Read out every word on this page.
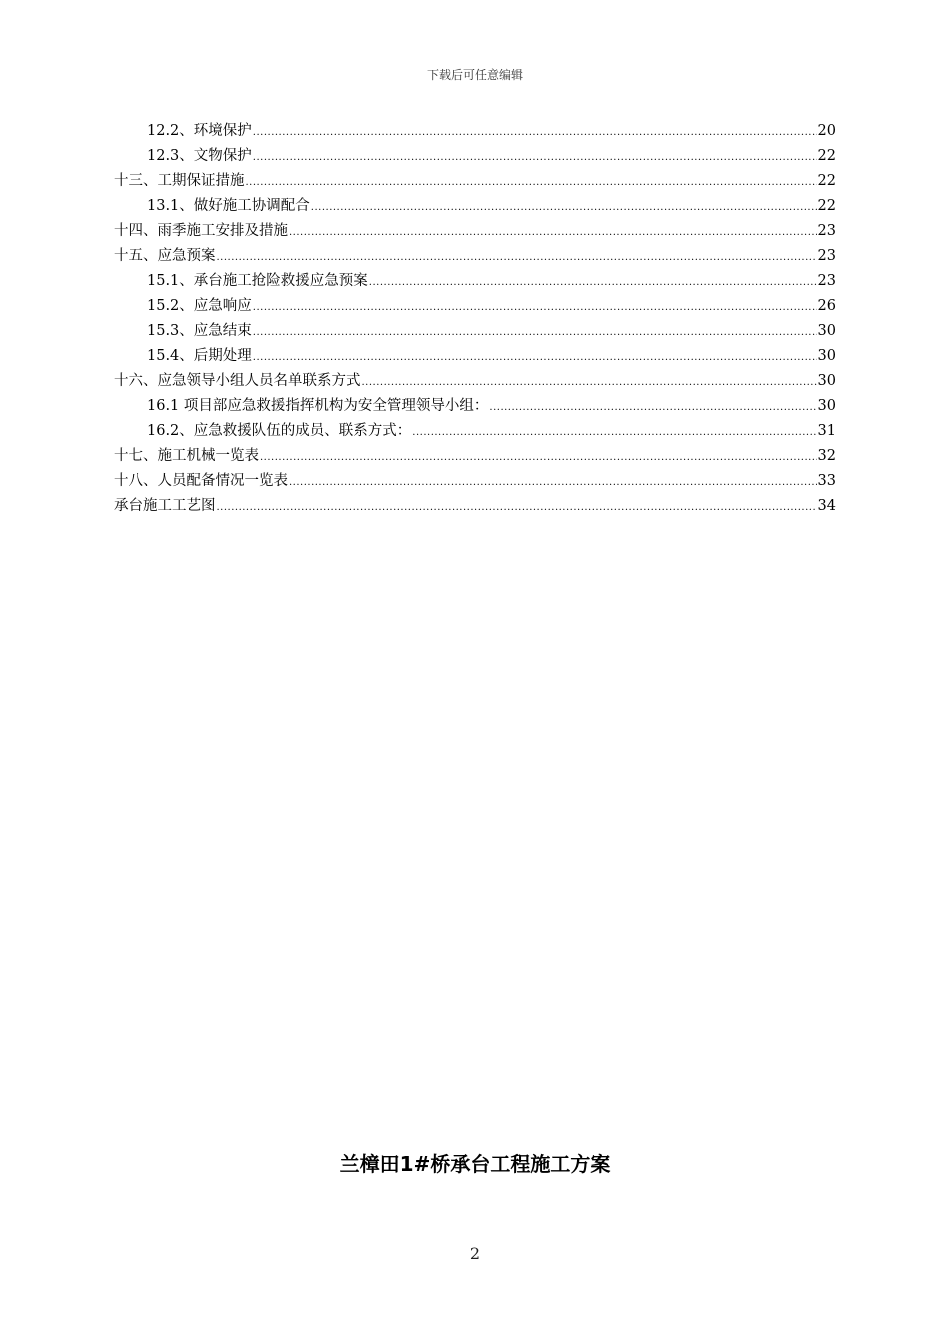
下载后可任意编辑
12.2、环境保护 .....	20
12.3、文物保护 .....	22
十三、工期保证措施 .....	22
13.1、做好施工协调配合 .....	22
十四、雨季施工安排及措施 .....	23
十五、应急预案 .....	23
15.1、承台施工抢险救援应急预案 .....	23
15.2、应急响应 .....	26
15.3、应急结束 .....	30
15.4、后期处理 .....	30
十六、应急领导小组人员名单联系方式 .....	30
16.1 项目部应急救援指挥机构为安全管理领导小组： .....	30
16.2、应急救援队伍的成员、联系方式： .....	31
十七、施工机械一览表 .....	32
十八、人员配备情况一览表 .....	33
承台施工工艺图 .....	34
兰樟田1#桥承台工程施工方案
2
